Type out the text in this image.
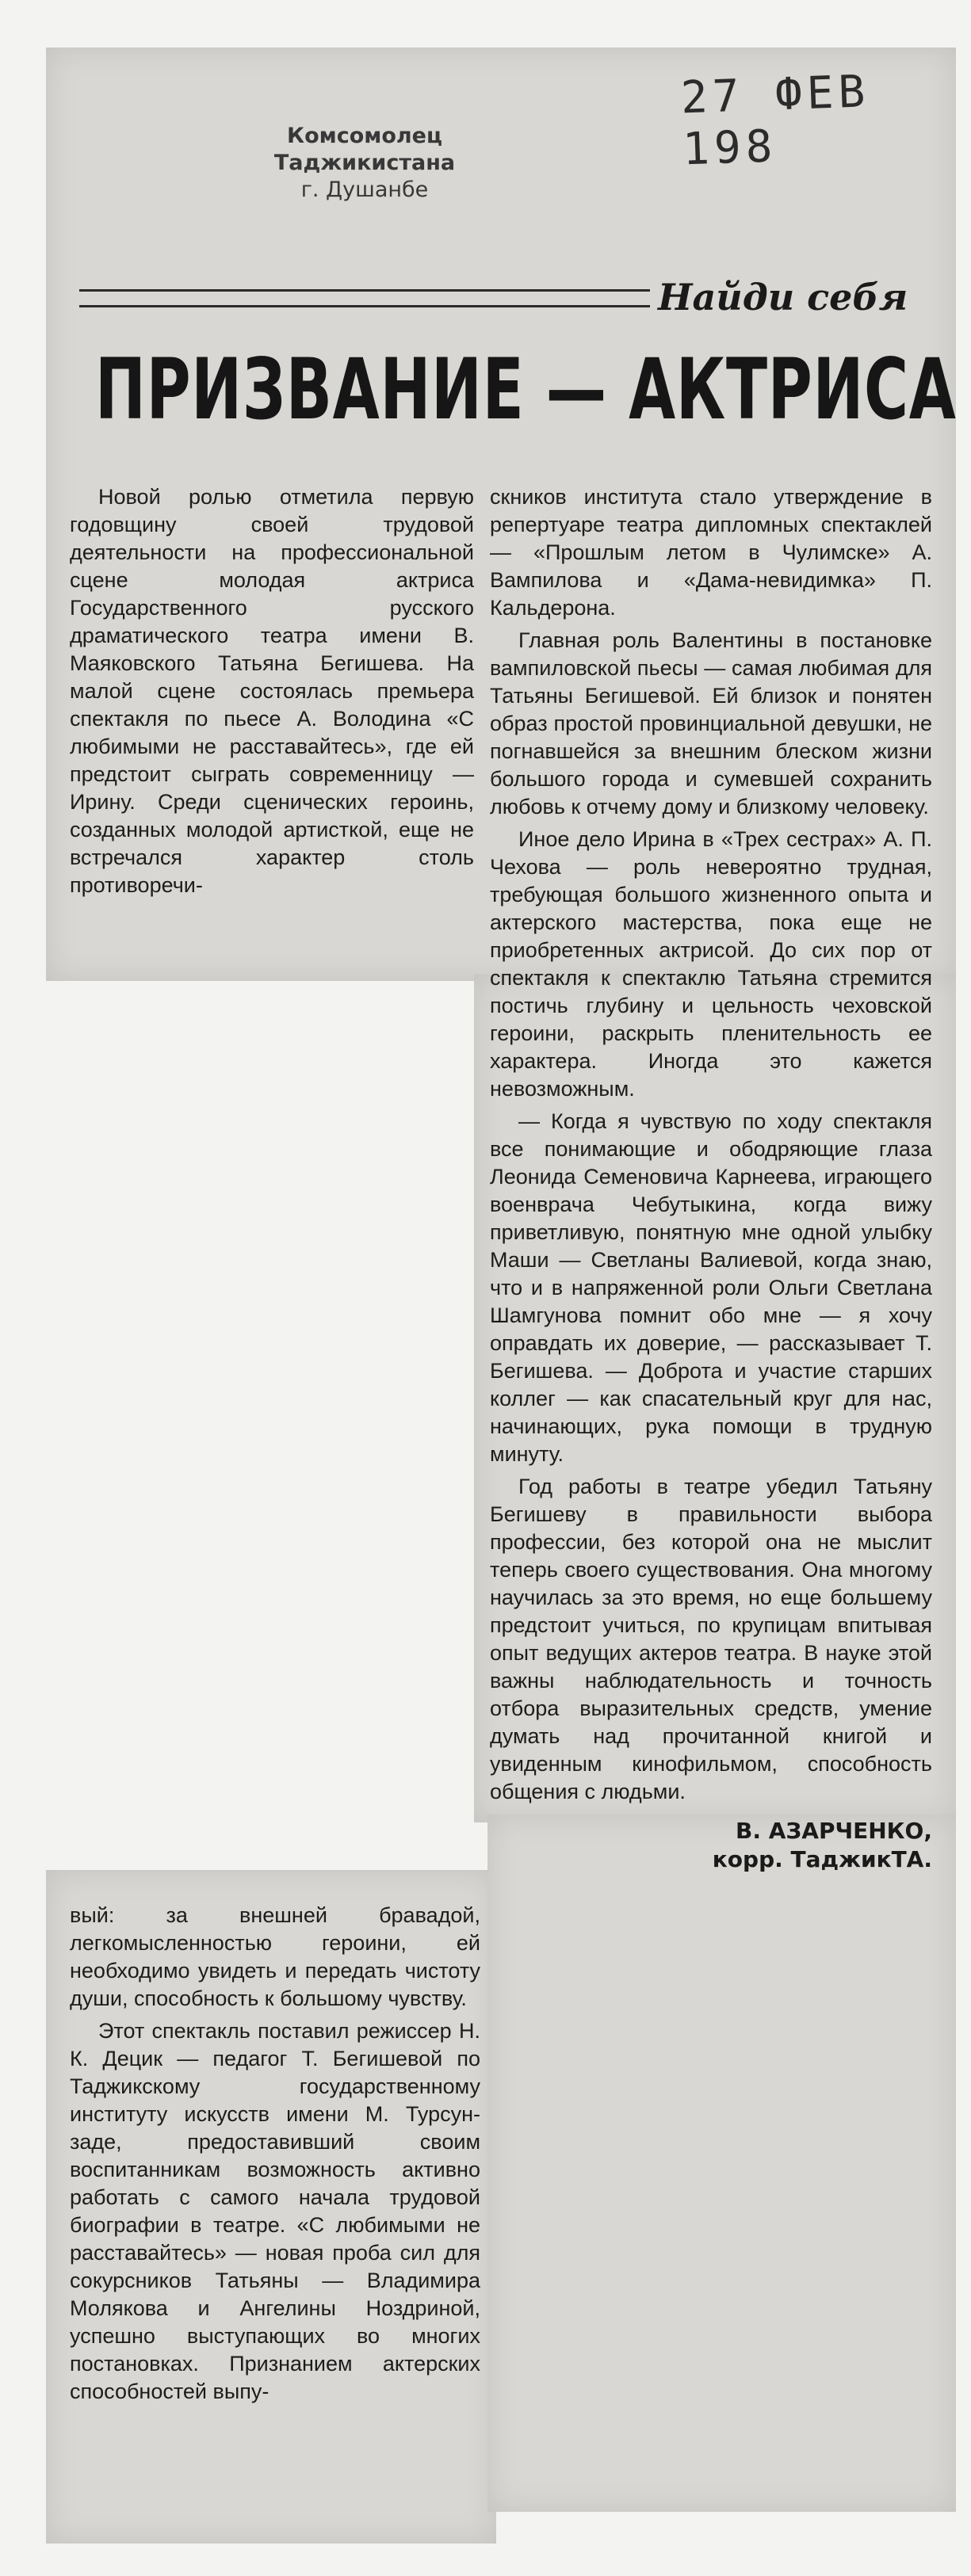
Комсомолец Таджикистана
г. Душанбе
27 ФЕВ 198
Найди себя
ПРИЗВАНИЕ — АКТРИСА

Новой ролью отметила первую годовщину своей трудовой деятельности на профессиональной сцене молодая актриса Государственного русского драматического театра имени В. Маяковского Татьяна Бегишева. На малой сцене состоялась премьера спектакля по пьесе А. Володина «С любимыми не расставайтесь», где ей предстоит сыграть современницу — Ирину. Среди сценических героинь, созданных молодой артисткой, еще не встречался характер столь противоречи-

скников института стало утверждение в репертуаре театра дипломных спектаклей — «Прошлым летом в Чулимске» А. Вампилова и «Дама-невидимка» П. Кальдерона.

Главная роль Валентины в постановке вампиловской пьесы — самая любимая для Татьяны Бегишевой. Ей близок и понятен образ простой провинциальной девушки, не погнавшейся за внешним блеском жизни большого города и сумевшей сохранить любовь к отчему дому и близкому человеку.

Иное дело Ирина в «Трех сестрах» А. П. Чехова — роль невероятно трудная, требующая большого жизненного опыта и актерского мастерства, пока еще не приобретенных актрисой. До сих пор от спектакля к спектаклю Татьяна стремится постичь глубину и цельность чеховской героини, раскрыть пленительность ее характера. Иногда это кажется невозможным.

— Когда я чувствую по ходу спектакля все понимающие и ободряющие глаза Леонида Семеновича Карнеева, играющего военврача Чебутыкина, когда вижу приветливую, понятную мне одной улыбку Маши — Светланы Валиевой, когда знаю, что и в напряженной роли Ольги Светлана Шамгунова помнит обо мне — я хочу оправдать их доверие, — рассказывает Т. Бегишева. — Доброта и участие старших коллег — как спасательный круг для нас, начинающих, рука помощи в трудную минуту.

Год работы в театре убедил Татьяну Бегишеву в правильности выбора профессии, без которой она не мыслит теперь своего существования. Она многому научилась за это время, но еще большему предстоит учиться, по крупицам впитывая опыт ведущих актеров театра. В науке этой важны наблюдательность и точность отбора выразительных средств, умение думать над прочитанной книгой и увиденным кинофильмом, способность общения с людьми.

В. АЗАРЧЕНКО,
корр. ТаджикТА.

вый: за внешней бравадой, легкомысленностью героини, ей необходимо увидеть и передать чистоту души, способность к большому чувству.

Этот спектакль поставил режиссер Н. К. Децик — педагог Т. Бегишевой по Таджикскому государственному институту искусств имени М. Турсун-заде, предоставивший своим воспитанникам возможность активно работать с самого начала трудовой биографии в театре. «С любимыми не расставайтесь» — новая проба сил для сокурсников Татьяны — Владимира Молякова и Ангелины Ноздриной, успешно выступающих во многих постановках. Признанием актерских способностей выпу-
